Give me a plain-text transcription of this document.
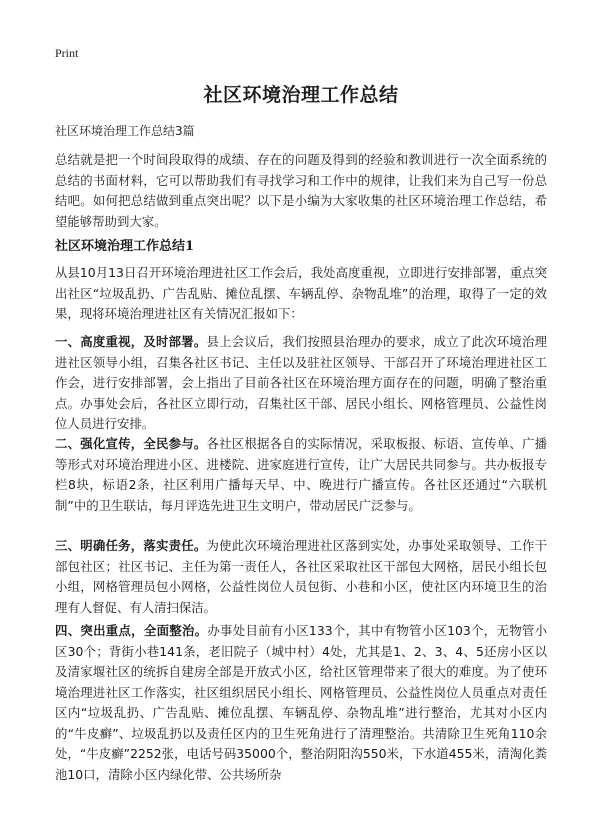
Print
社区环境治理工作总结
社区环境治理工作总结3篇
总结就是把一个时间段取得的成绩、存在的问题及得到的经验和教训进行一次全面系统的总结的书面材料，它可以帮助我们有寻找学习和工作中的规律，让我们来为自己写一份总结吧。如何把总结做到重点突出呢？以下是小编为大家收集的社区环境治理工作总结，希望能够帮助到大家。
社区环境治理工作总结1
从县10月13日召开环境治理进社区工作会后，我处高度重视，立即进行安排部署，重点突出社区“垃圾乱扔、广告乱贴、摊位乱摆、车辆乱停、杂物乱堆”的治理，取得了一定的效果，现将环境治理进社区有关情况汇报如下：
一、高度重视，及时部署。县上会议后，我们按照县治理办的要求，成立了此次环境治理进社区领导小组，召集各社区书记、主任以及驻社区领导、干部召开了环境治理进社区工作会，进行安排部署，会上指出了目前各社区在环境治理方面存在的问题，明确了整治重点。办事处会后，各社区立即行动，召集社区干部、居民小组长、网格管理员、公益性岗位人员进行安排。
二、强化宣传，全民参与。各社区根据各自的实际情况，采取板报、标语、宣传单、广播等形式对环境治理进小区、进楼院、进家庭进行宣传，让广大居民共同参与。共办板报专栏8块，标语2条，社区利用广播每天早、中、晚进行广播宣传。各社区还通过“六联机制”中的卫生联诂，每月评选先进卫生文明户，带动居民广泛参与。
三、明确任务，落实责任。为使此次环境治理进社区落到实处，办事处采取领导、工作干部包社区；社区书记、主任为第一责任人，各社区采取社区干部包大网格，居民小组长包小组，网格管理员包小网格，公益性岗位人员包街、小巷和小区，使社区内环境卫生的治理有人督促、有人清扫保洁。
四、突出重点，全面整治。办事处目前有小区133个，其中有物管小区103个，无物管小区30个；背街小巷141条，老旧院子（城中村）4处，尤其是1、2、3、4、5还房小区以及清家堰社区的统拆自建房全部是开放式小区，给社区管理带来了很大的难度。为了使环境治理进社区工作落实，社区组织居民小组长、网格管理员、公益性岗位人员重点对责任区内“垃圾乱扔、广告乱贴、摊位乱摆、车辆乱停、杂物乱堆”进行整治，尤其对小区内的“牛皮癣”、垃圾乱扔以及责任区内的卫生死角进行了清理整治。共清除卫生死角110余处，“牛皮癣”2252张，电话号码35000个，整治阴阳沟550米，下水道455米，清淘化粪池10口，清除小区内绿化带、公共场所杂
